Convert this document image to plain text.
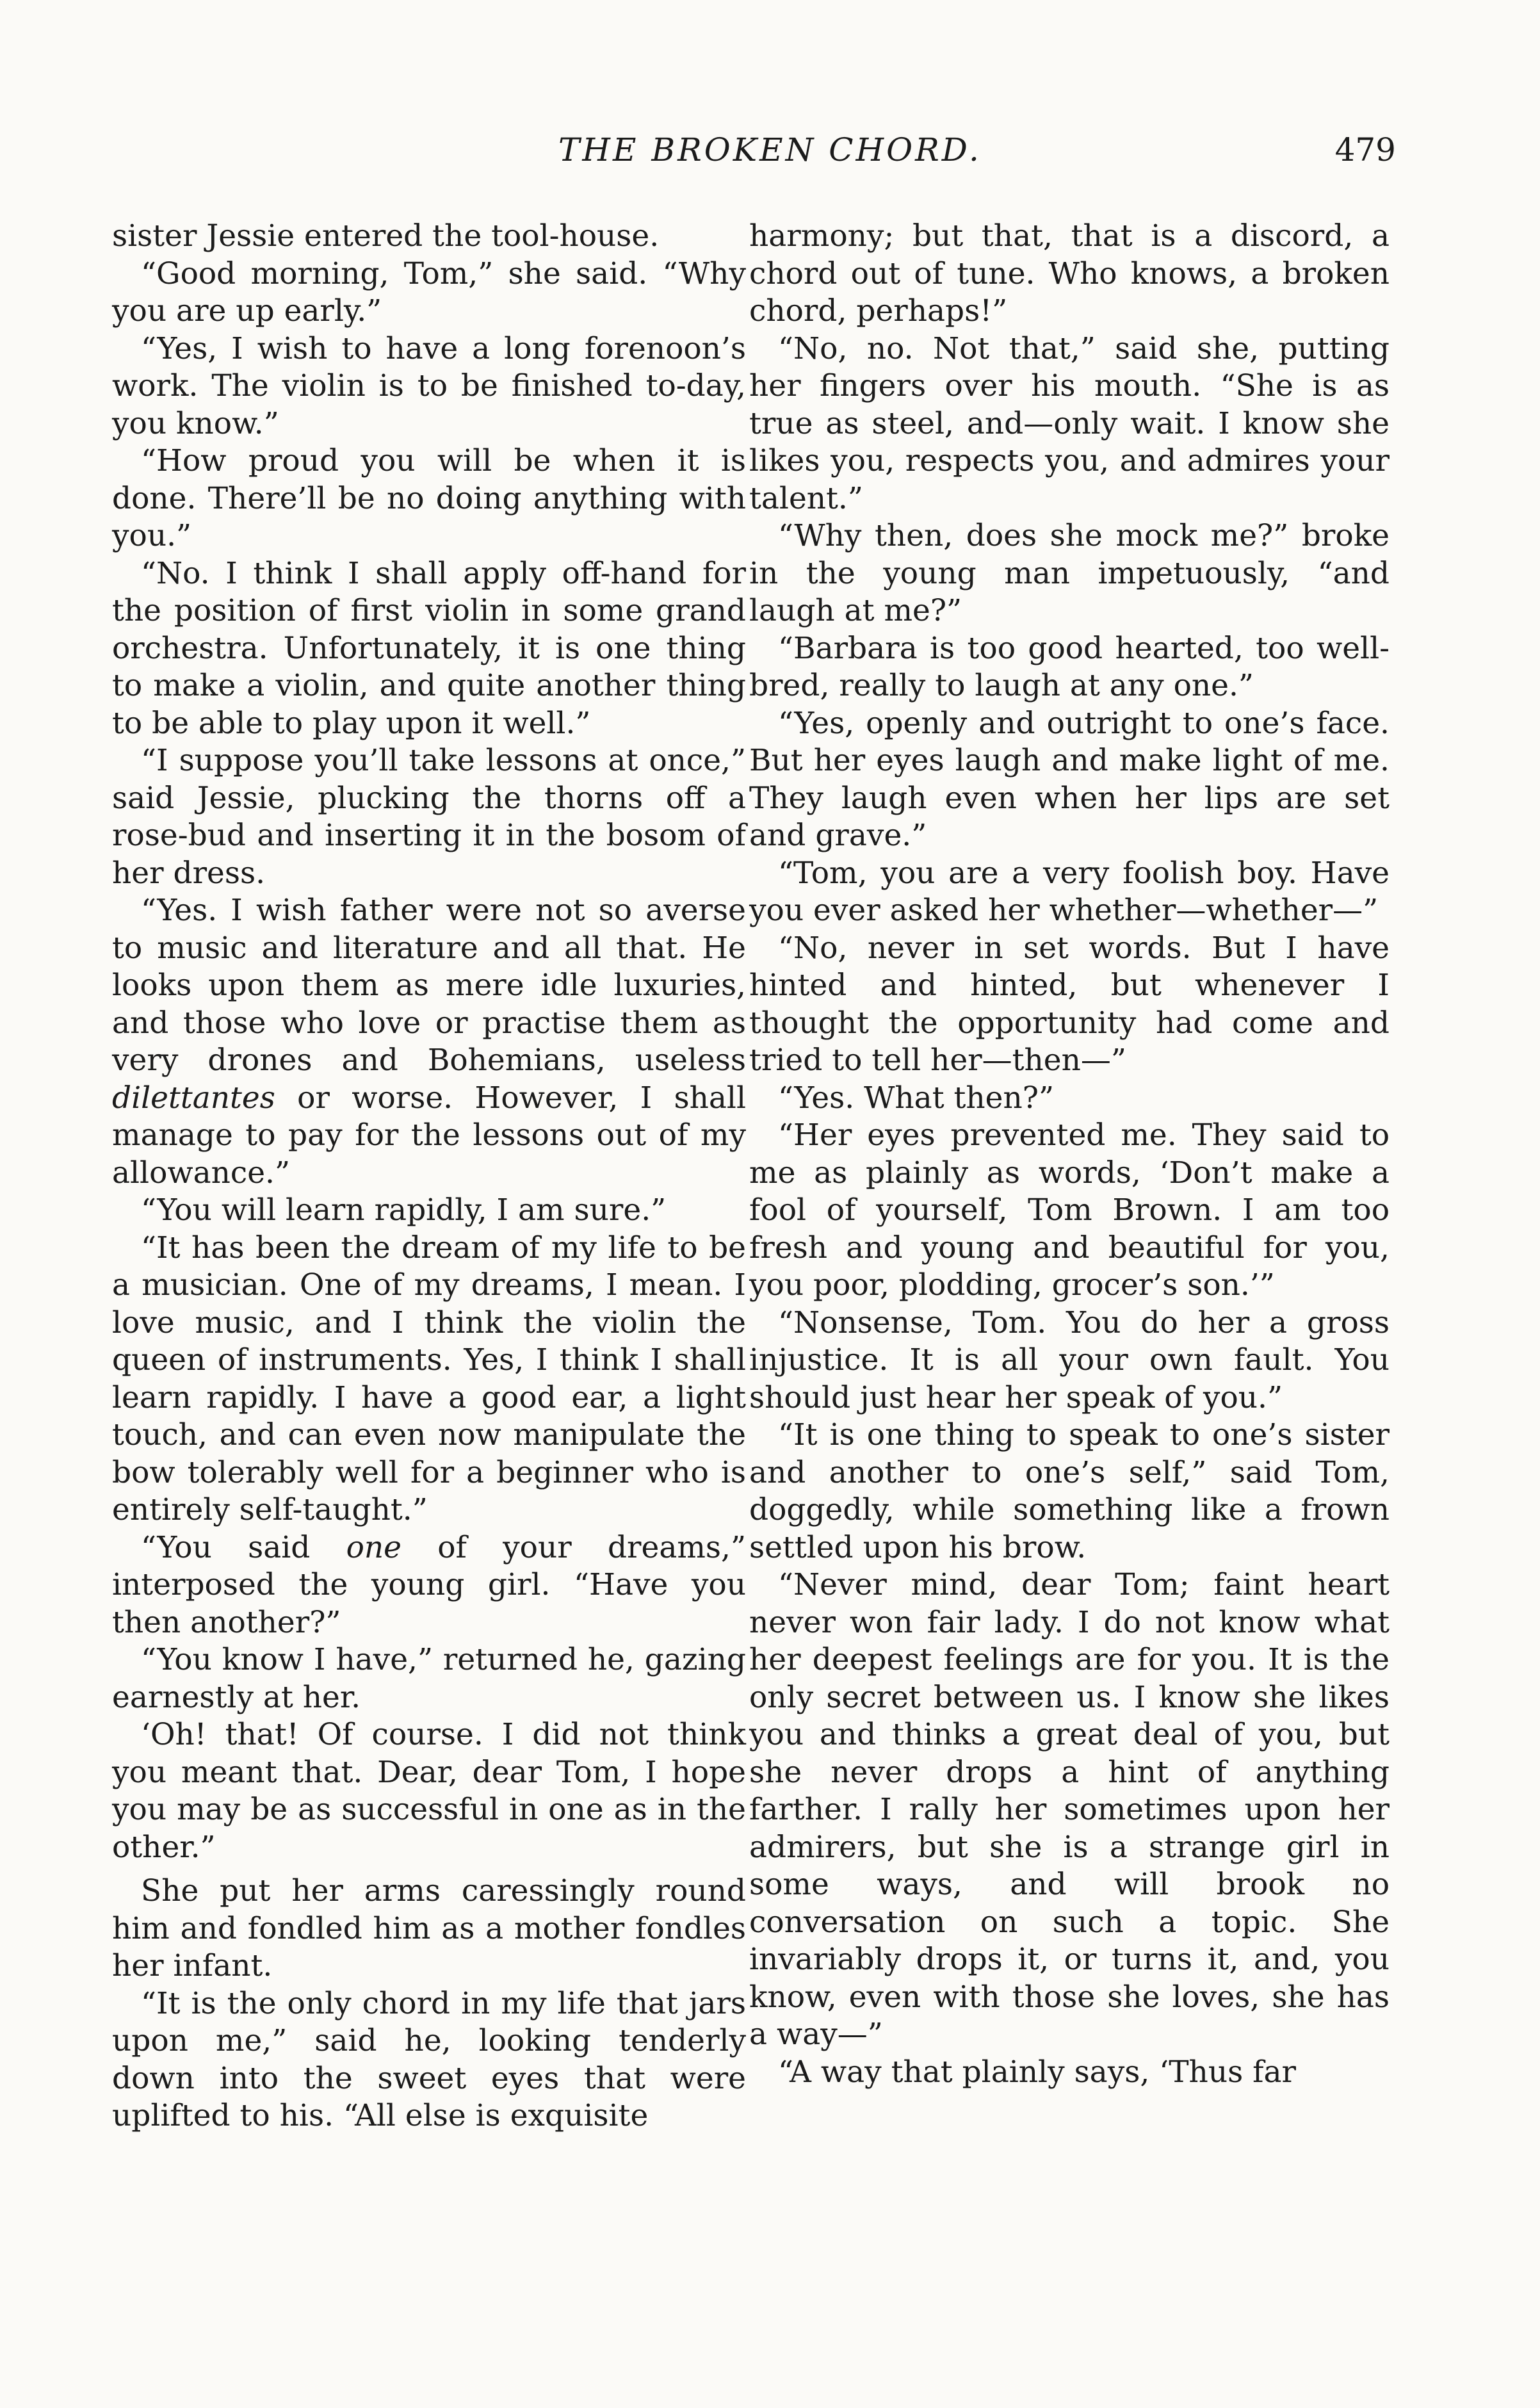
THE BROKEN CHORD.	479

sister Jessie entered the tool-house.

“Good morning, Tom,” she said. “Why you are up early.”

“Yes, I wish to have a long forenoon’s work. The violin is to be finished to-day, you know.”

“How proud you will be when it is done. There’ll be no doing anything with you.”

“No. I think I shall apply off-hand for the position of first violin in some grand orchestra. Unfortunately, it is one thing to make a violin, and quite another thing to be able to play upon it well.”

“I suppose you’ll take lessons at once,” said Jessie, plucking the thorns off a rose-bud and inserting it in the bosom of her dress.

“Yes. I wish father were not so averse to music and literature and all that. He looks upon them as mere idle luxuries, and those who love or practise them as very drones and Bohemians, useless dilettantes or worse. However, I shall manage to pay for the lessons out of my allowance.”

“You will learn rapidly, I am sure.”

“It has been the dream of my life to be a musician. One of my dreams, I mean. I love music, and I think the violin the queen of instruments. Yes, I think I shall learn rapidly. I have a good ear, a light touch, and can even now manipulate the bow tolerably well for a beginner who is entirely self-taught.”

“You said one of your dreams,” interposed the young girl. “Have you then another?”

“You know I have,” returned he, gazing earnestly at her.

‘Oh! that! Of course. I did not think you meant that. Dear, dear Tom, I hope you may be as successful in one as in the other.”

She put her arms caressingly round him and fondled him as a mother fondles her infant.

“It is the only chord in my life that jars upon me,” said he, looking tenderly down into the sweet eyes that were uplifted to his. “All else is exquisite

harmony; but that, that is a discord, a chord out of tune. Who knows, a broken chord, perhaps!”

“No, no. Not that,” said she, putting her fingers over his mouth. “She is as true as steel, and—only wait. I know she likes you, respects you, and admires your talent.”

“Why then, does she mock me?” broke in the young man impetuously, “and laugh at me?”

“Barbara is too good hearted, too well-bred, really to laugh at any one.”

“Yes, openly and outright to one’s face. But her eyes laugh and make light of me. They laugh even when her lips are set and grave.”

“Tom, you are a very foolish boy. Have you ever asked her whether—whether—”

“No, never in set words. But I have hinted and hinted, but whenever I thought the opportunity had come and tried to tell her—then—”

“Yes. What then?”

“Her eyes prevented me. They said to me as plainly as words, ‘Don’t make a fool of yourself, Tom Brown. I am too fresh and young and beautiful for you, you poor, plodding, grocer’s son.’”

“Nonsense, Tom. You do her a gross injustice. It is all your own fault. You should just hear her speak of you.”

“It is one thing to speak to one’s sister and another to one’s self,” said Tom, doggedly, while something like a frown settled upon his brow.

“Never mind, dear Tom; faint heart never won fair lady. I do not know what her deepest feelings are for you. It is the only secret between us. I know she likes you and thinks a great deal of you, but she never drops a hint of anything farther. I rally her sometimes upon her admirers, but she is a strange girl in some ways, and will brook no conversation on such a topic. She invariably drops it, or turns it, and, you know, even with those she loves, she has a way—”

“A way that plainly says, ‘Thus far
